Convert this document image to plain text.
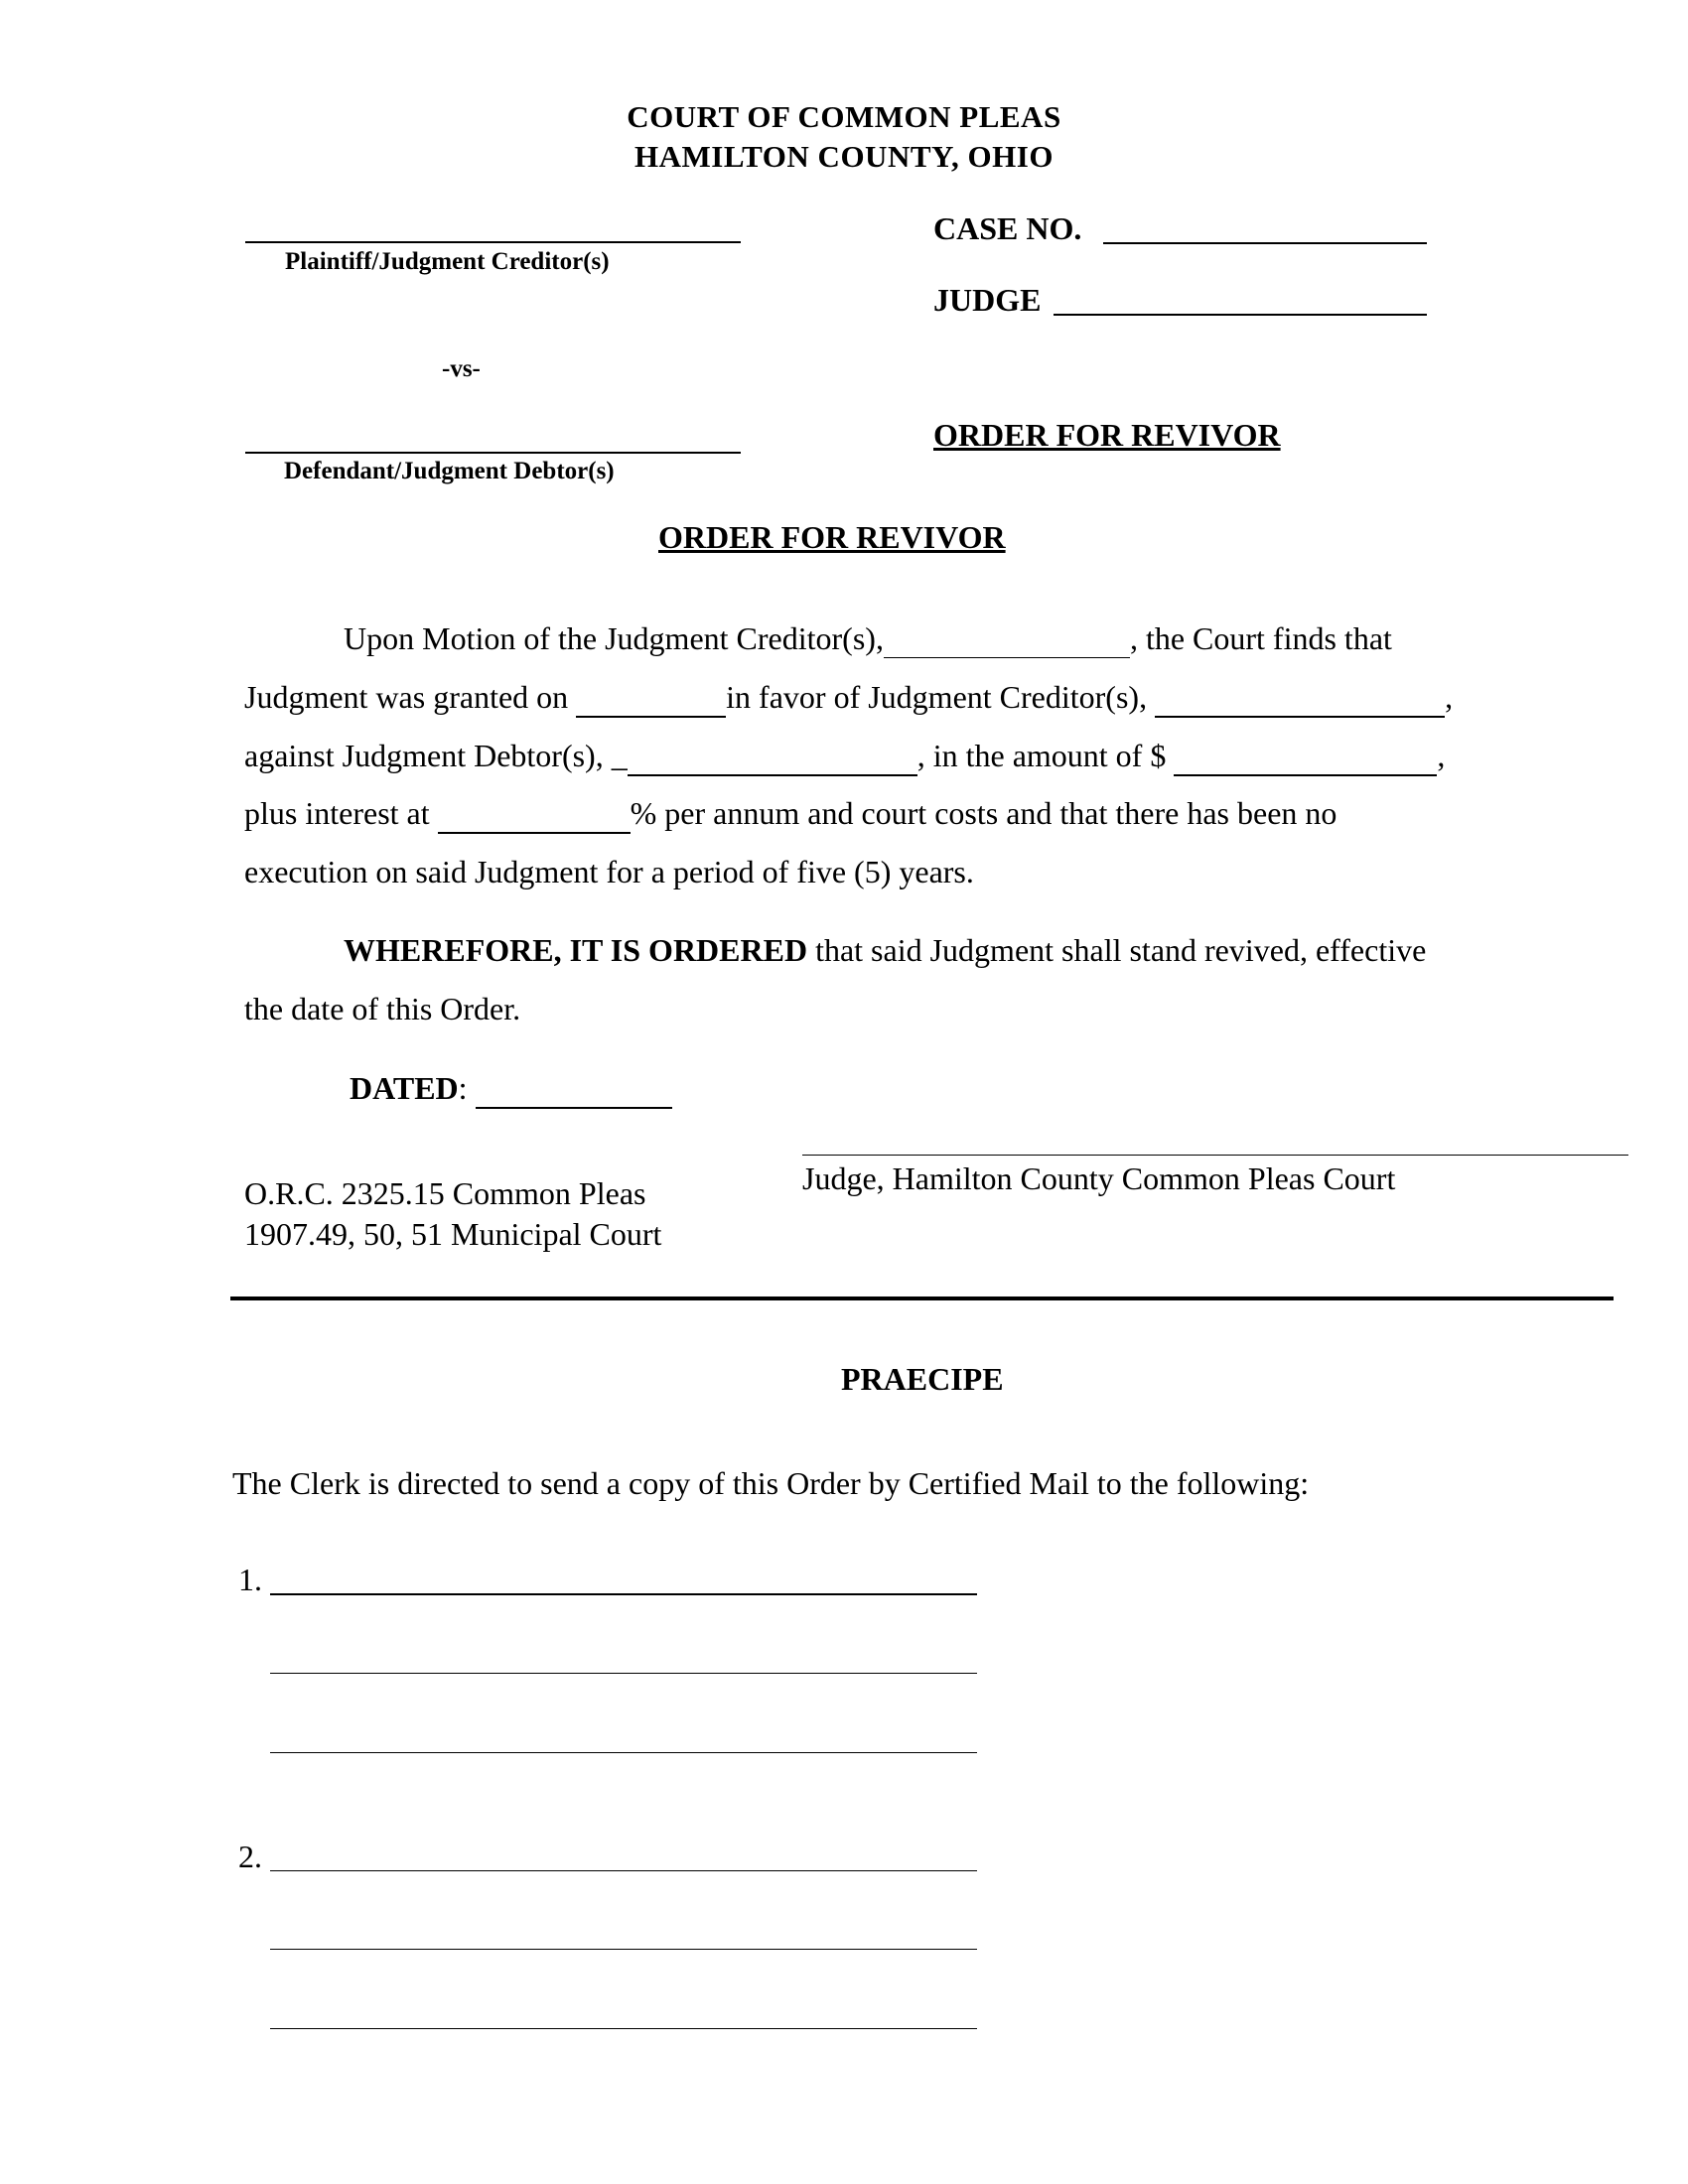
COURT OF COMMON PLEAS
HAMILTON COUNTY, OHIO
Plaintiff/Judgment Creditor(s)
-vs-
Defendant/Judgment Debtor(s)
CASE NO.
JUDGE
ORDER FOR REVIVOR
ORDER FOR REVIVOR
Upon Motion of the Judgment Creditor(s),	, the Court finds that
Judgment was granted on	in favor of Judgment Creditor(s),	,
against Judgment Debtor(s), _	, in the amount of $	,
plus interest at	% per annum and court costs and that there has been no
execution on said Judgment for a period of five (5) years.
WHEREFORE, IT IS ORDERED that said Judgment shall stand revived, effective
the date of this Order.
DATED:
Judge, Hamilton County Common Pleas Court
O.R.C. 2325.15 Common Pleas
1907.49, 50, 51 Municipal Court
PRAECIPE
The Clerk is directed to send a copy of this Order by Certified Mail to the following:
1.
2.
